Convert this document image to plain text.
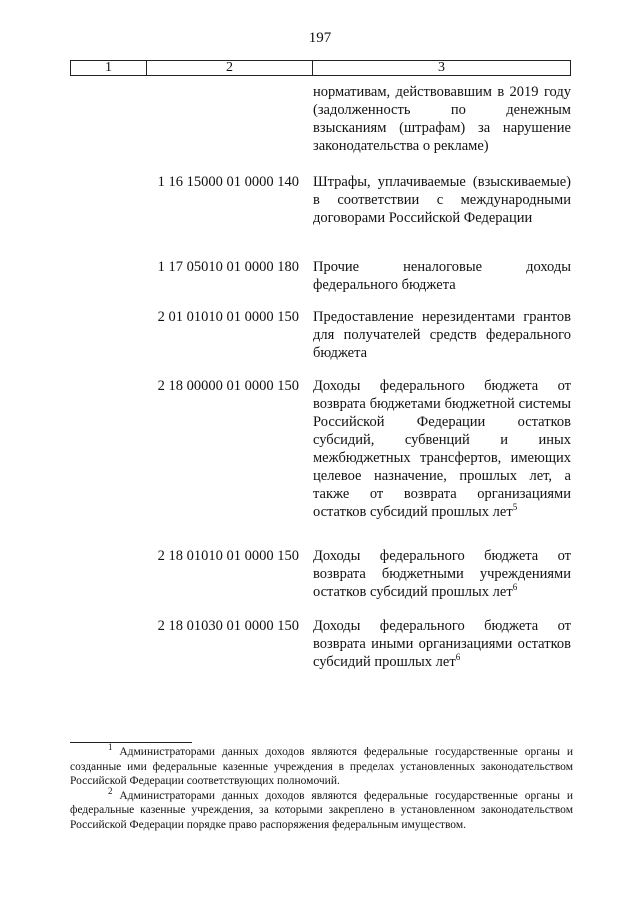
197
1	2	3
нормативам, действовавшим в 2019 году (задолженность по денежным взысканиям (штрафам) за нарушение законодательства о рекламе)
1 16 15000 01 0000 140 Штрафы, уплачиваемые (взыскиваемые) в соответствии с международными договорами Российской Федерации
1 17 05010 01 0000 180 Прочие неналоговые доходы федерального бюджета
2 01 01010 01 0000 150 Предоставление нерезидентами грантов для получателей средств федерального бюджета
2 18 00000 01 0000 150 Доходы федерального бюджета от возврата бюджетами бюджетной системы Российской Федерации остатков субсидий, субвенций и иных межбюджетных трансфертов, имеющих целевое назначение, прошлых лет, а также от возврата организациями остатков субсидий прошлых лет$^5$
2 18 01010 01 0000 150 Доходы федерального бюджета от возврата бюджетными учреждениями остатков субсидий прошлых лет$^6$
2 18 01030 01 0000 150 Доходы федерального бюджета от возврата иными организациями остатков субсидий прошлых лет$^6$

$^1$ Администраторами данных доходов являются федеральные государственные органы и созданные ими федеральные казенные учреждения в пределах установленных законодательством Российской Федерации соответствующих полномочий.

$^2$ Администраторами данных доходов являются федеральные государственные органы и федеральные казенные учреждения, за которыми закреплено в установленном законодательством Российской Федерации порядке право распоряжения федеральным имуществом.
